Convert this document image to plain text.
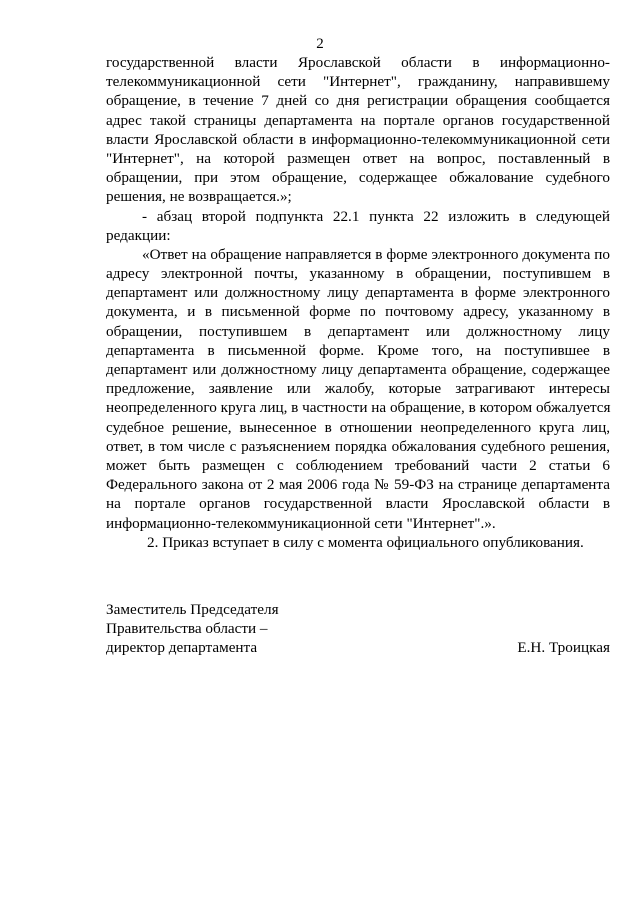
2
государственной власти Ярославской области в информационно-
телекоммуникационной сети "Интернет", гражданину, направившему
обращение, в течение 7 дней со дня регистрации обращения сообщается
адрес такой страницы департамента на портале органов государственной
власти Ярославской области в информационно-телекоммуникационной сети
"Интернет", на которой размещен ответ на вопрос, поставленный в
обращении, при этом обращение, содержащее обжалование судебного
решения, не возвращается.»;
- абзац второй подпункта 22.1 пункта 22 изложить в следующей
редакции:
«Ответ на обращение направляется в форме электронного документа по
адресу электронной почты, указанному в обращении, поступившем в
департамент или должностному лицу департамента в форме электронного
документа, и в письменной форме по почтовому адресу, указанному в
обращении, поступившем в департамент или должностному лицу
департамента в письменной форме. Кроме того, на поступившее в
департамент или должностному лицу департамента обращение, содержащее
предложение, заявление или жалобу, которые затрагивают интересы
неопределенного круга лиц, в частности на обращение, в котором обжалуется
судебное решение, вынесенное в отношении неопределенного круга лиц,
ответ, в том числе с разъяснением порядка обжалования судебного решения,
может быть размещен с соблюдением требований части 2 статьи 6
Федерального закона от 2 мая 2006 года № 59-ФЗ на странице департамента
на портале органов государственной власти Ярославской области в
информационно-телекоммуникационной сети "Интернет".».
2. Приказ вступает в силу с момента официального опубликования.
Заместитель Председателя
Правительства области –
директор департамента	Е.Н. Троицкая
